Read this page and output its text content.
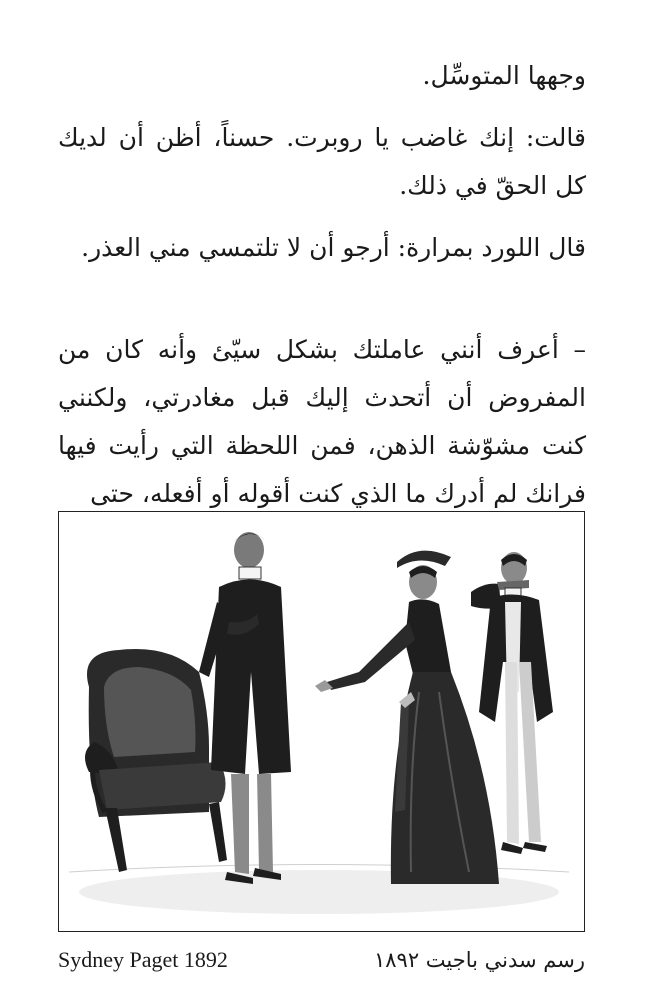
وجهها المتوسِّل.

قالت: إنك غاضب يا روبرت. حسناً، أظن أن لديك كل الحقّ في ذلك.

قال اللورد بمرارة: أرجو أن لا تلتمسي مني العذر.

– أعرف أنني عاملتك بشكل سيّئ وأنه كان من المفروض أن أتحدث إليك قبل مغادرتي، ولكنني كنت مشوّشة الذهن، فمن اللحظة التي رأيت فيها فرانك لم أدرك ما الذي كنت أقوله أو أفعله، حتى

Sydney Paget 1892	رسم سدني باجيت ١٨٩٢
